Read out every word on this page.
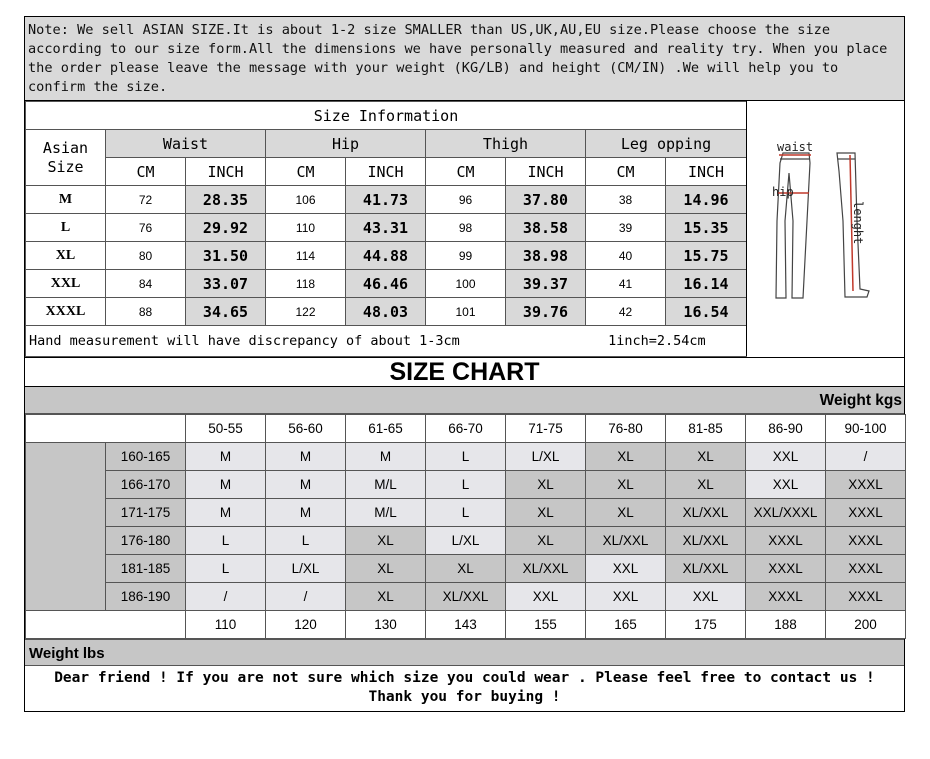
Note: We sell ASIAN SIZE.It is about 1-2 size SMALLER than US,UK,AU,EU size.Please choose the size according to our size form.All the dimensions we have personally measured and reality try. When you place the order please leave the message with your weight (KG/LB) and height (CM/IN) .We will help you to confirm the size.
Size Information								
Asian Size	Waist		Hip		Thigh		Leg opping	
	CM	INCH	CM	INCH	CM	INCH	CM	INCH
M	72	28.35	106	41.73	96	37.80	38	14.96
L	76	29.92	110	43.31	98	38.58	39	15.35
XL	80	31.50	114	44.88	99	38.98	40	15.75
XXL	84	33.07	118	46.46	100	39.37	41	16.14
XXXL	88	34.65	122	48.03	101	39.76	42	16.54
Hand measurement will have discrepancy of about 1-3cm 1inch=2.54cm								
waist
hip
lenght
SIZE CHART
Weight kgs
		50-55	56-60	61-65	66-70	71-75	76-80	81-85	86-90	90-100
	160-165	M	M	M	L	L/XL	XL	XL	XXL	/
	166-170	M	M	M/L	L	XL	XL	XL	XXL	XXXL
	171-175	M	M	M/L	L	XL	XL	XL/XXL	XXL/XXXL	XXXL
	176-180	L	L	XL	L/XL	XL	XL/XXL	XL/XXL	XXXL	XXXL
	181-185	L	L/XL	XL	XL	XL/XXL	XXL	XL/XXL	XXXL	XXXL
	186-190	/	/	XL	XL/XXL	XXL	XXL	XXL	XXXL	XXXL
		110	120	130	143	155	165	175	188	200
Weight lbs
Dear friend ! If you are not sure which size you could wear . Please feel free to contact us !
Thank you for buying !
